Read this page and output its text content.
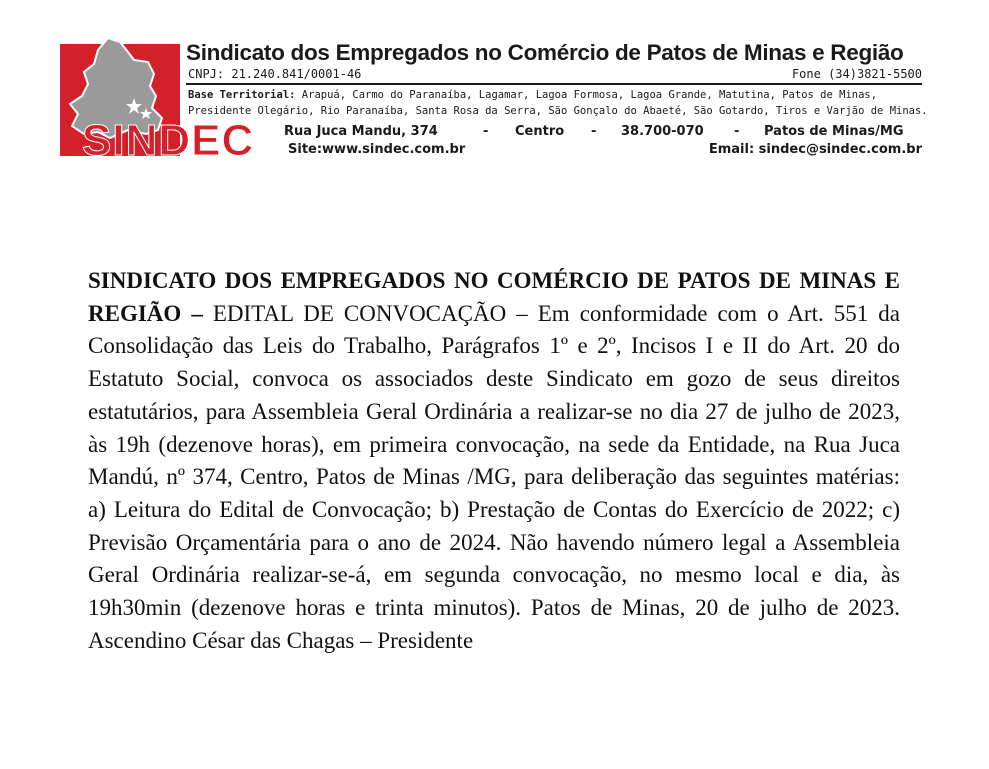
SINDEC
Sindicato dos Empregados no Comércio de Patos de Minas e Região
CNPJ: 21.240.841/0001-46	Fone (34)3821-5500
Base Territorial: Arapuá, Carmo do Paranaíba, Lagamar, Lagoa Formosa, Lagoa Grande, Matutina, Patos de Minas,
Presidente Olegário, Rio Paranaíba, Santa Rosa da Serra, São Gonçalo do Abaeté, São Gotardo, Tiros e Varjão de Minas.
Rua Juca Mandu, 374	- Centro - 38.700-070 - Patos de Minas/MG
Site:www.sindec.com.br	Email: sindec@sindec.com.br

SINDICATO DOS EMPREGADOS NO COMÉRCIO DE PATOS DE MINAS E REGIÃO – EDITAL DE CONVOCAÇÃO – Em conformidade com o Art. 551 da Consolidação das Leis do Trabalho, Parágrafos 1º e 2º, Incisos I e II do Art. 20 do Estatuto Social, convoca os associados deste Sindicato em gozo de seus direitos estatutários, para Assembleia Geral Ordinária a realizar-se no dia 27 de julho de 2023, às 19h (dezenove horas), em primeira convocação, na sede da Entidade, na Rua Juca Mandú, nº 374, Centro, Patos de Minas /MG, para deliberação das seguintes matérias: a) Leitura do Edital de Convocação; b) Prestação de Contas do Exercício de 2022; c) Previsão Orçamentária para o ano de 2024. Não havendo número legal a Assembleia Geral Ordinária realizar-se-á, em segunda convocação, no mesmo local e dia, às 19h30min (dezenove horas e trinta minutos). Patos de Minas, 20 de julho de 2023. Ascendino César das Chagas – Presidente
